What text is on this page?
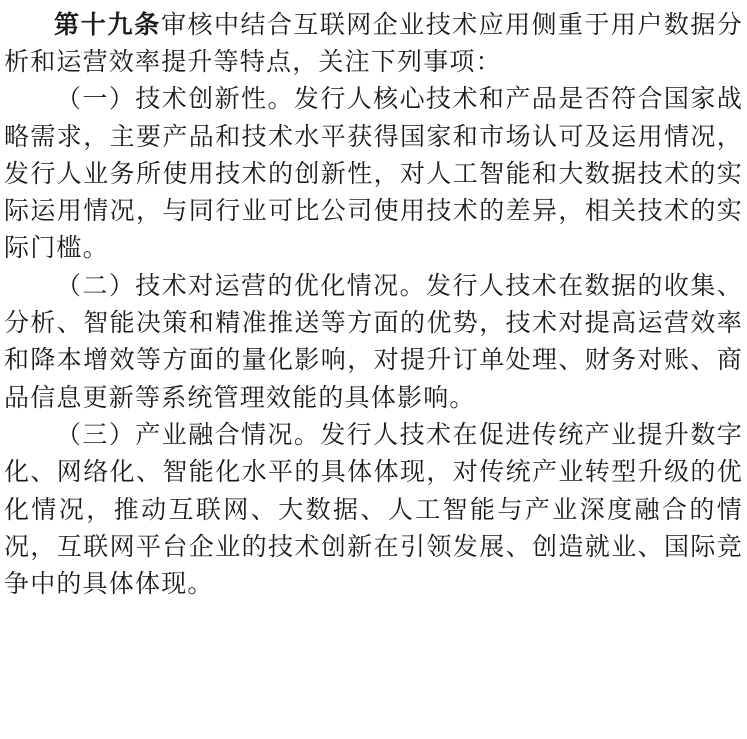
第十九条审核中结合互联网企业技术应用侧重于用户数据分析和运营效率提升等特点，关注下列事项：

（一）技术创新性。发行人核心技术和产品是否符合国家战略需求，主要产品和技术水平获得国家和市场认可及运用情况，发行人业务所使用技术的创新性，对人工智能和大数据技术的实际运用情况，与同行业可比公司使用技术的差异，相关技术的实际门槛。

（二）技术对运营的优化情况。发行人技术在数据的收集、分析、智能决策和精准推送等方面的优势，技术对提高运营效率和降本增效等方面的量化影响，对提升订单处理、财务对账、商品信息更新等系统管理效能的具体影响。

（三）产业融合情况。发行人技术在促进传统产业提升数字化、网络化、智能化水平的具体体现，对传统产业转型升级的优化情况，推动互联网、大数据、人工智能与产业深度融合的情况，互联网平台企业的技术创新在引领发展、创造就业、国际竞争中的具体体现。
